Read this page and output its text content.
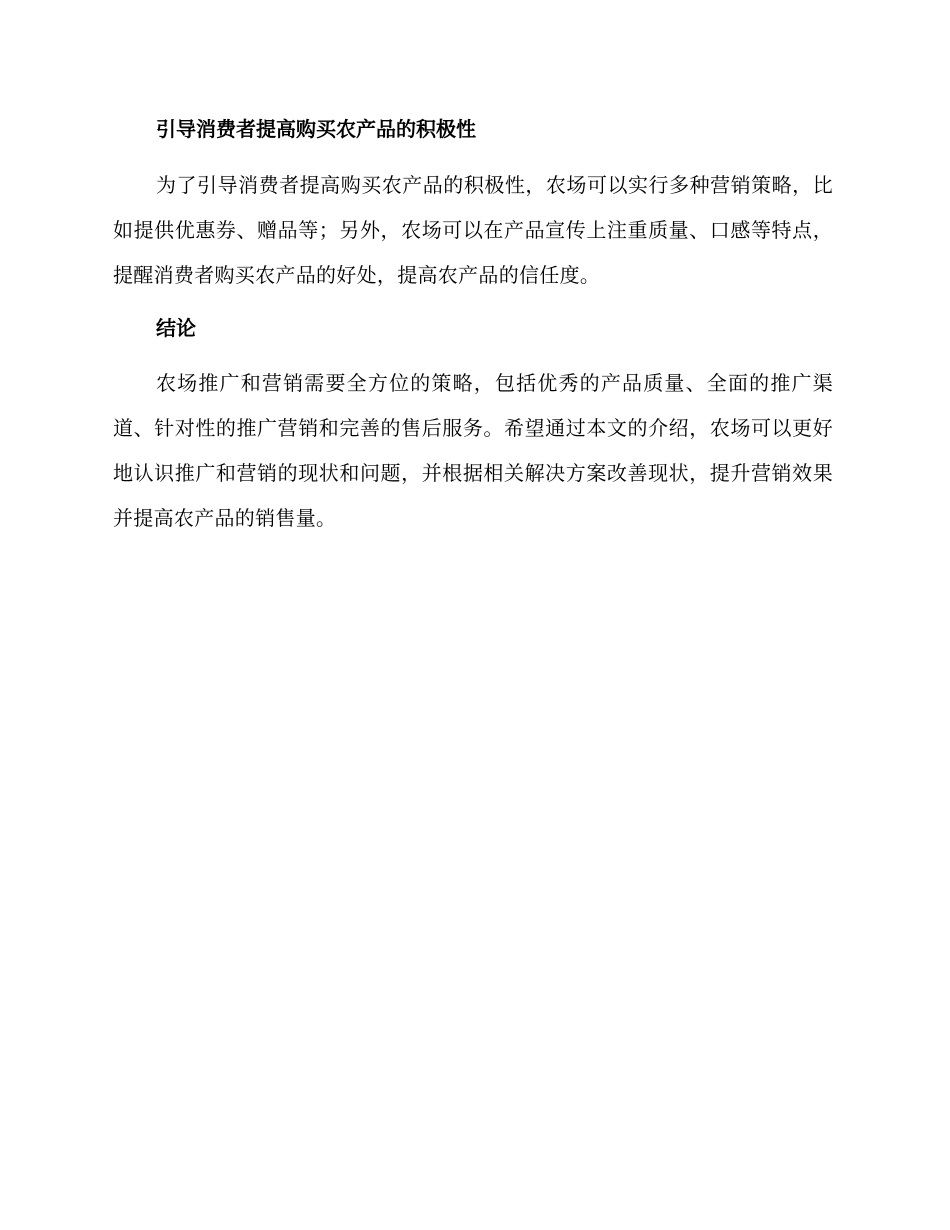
引导消费者提高购买农产品的积极性

为了引导消费者提高购买农产品的积极性，农场可以实行多种营销策略，比如提供优惠券、赠品等；另外，农场可以在产品宣传上注重质量、口感等特点，提醒消费者购买农产品的好处，提高农产品的信任度。

结论

农场推广和营销需要全方位的策略，包括优秀的产品质量、全面的推广渠道、针对性的推广营销和完善的售后服务。希望通过本文的介绍，农场可以更好地认识推广和营销的现状和问题，并根据相关解决方案改善现状，提升营销效果并提高农产品的销售量。
